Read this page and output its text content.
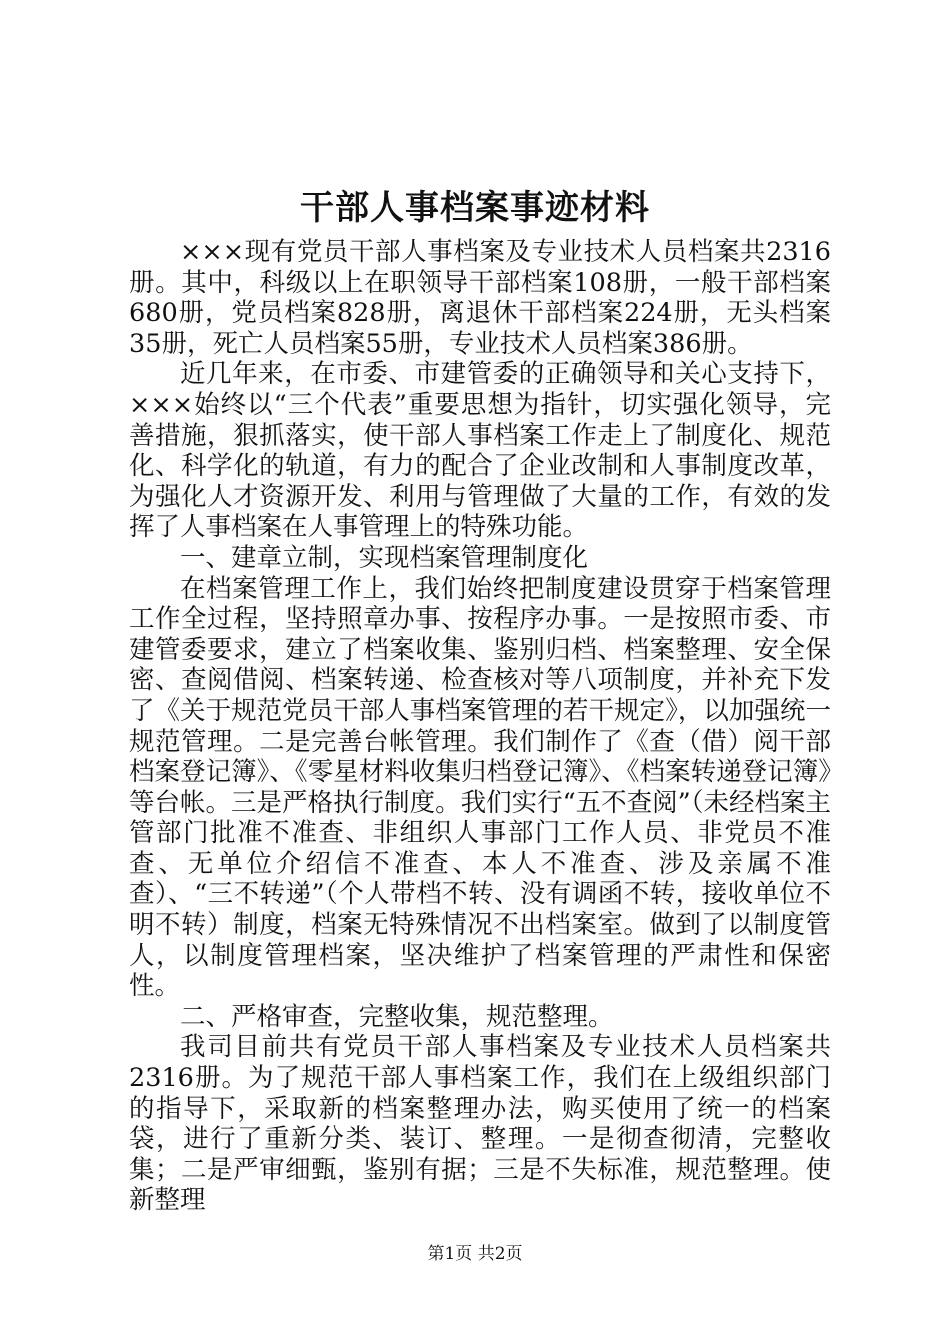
干部人事档案事迹材料

×××现有党员干部人事档案及专业技术人员档案共2316册。其中，科级以上在职领导干部档案108册，一般干部档案680册，党员档案828册，离退休干部档案224册，无头档案35册，死亡人员档案55册，专业技术人员档案386册。

近几年来，在市委、市建管委的正确领导和关心支持下，×××始终以“三个代表”重要思想为指针，切实强化领导，完善措施，狠抓落实，使干部人事档案工作走上了制度化、规范化、科学化的轨道，有力的配合了企业改制和人事制度改革，为强化人才资源开发、利用与管理做了大量的工作，有效的发挥了人事档案在人事管理上的特殊功能。

一、建章立制，实现档案管理制度化

在档案管理工作上，我们始终把制度建设贯穿于档案管理工作全过程，坚持照章办事、按程序办事。一是按照市委、市建管委要求，建立了档案收集、鉴别归档、档案整理、安全保密、查阅借阅、档案转递、检查核对等八项制度，并补充下发了《关于规范党员干部人事档案管理的若干规定》，以加强统一规范管理。二是完善台帐管理。我们制作了《查（借）阅干部档案登记簿》、《零星材料收集归档登记簿》、《档案转递登记簿》等台帐。三是严格执行制度。我们实行“五不查阅”（未经档案主管部门批准不准查、非组织人事部门工作人员、非党员不准查、无单位介绍信不准查、本人不准查、涉及亲属不准查）、“三不转递”（个人带档不转、没有调函不转，接收单位不明不转）制度，档案无特殊情况不出档案室。做到了以制度管人，以制度管理档案，坚决维护了档案管理的严肃性和保密性。

二、严格审查，完整收集，规范整理。

我司目前共有党员干部人事档案及专业技术人员档案共2316册。为了规范干部人事档案工作，我们在上级组织部门的指导下，采取新的档案整理办法，购买使用了统一的档案袋，进行了重新分类、装订、整理。一是彻查彻清，完整收集；二是严审细甄，鉴别有据；三是不失标准，规范整理。使新整理

第1页 共2页
